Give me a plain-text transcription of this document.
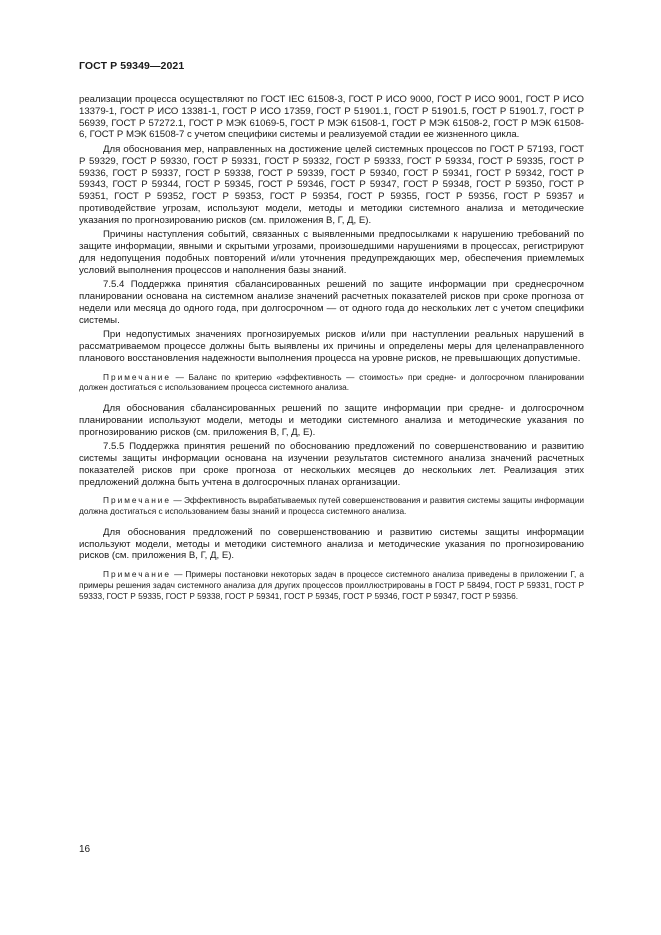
ГОСТ Р 59349—2021

реализации процесса осуществляют по ГОСТ IEC 61508-3, ГОСТ Р ИСО 9000, ГОСТ Р ИСО 9001, ГОСТ Р ИСО 13379-1, ГОСТ Р ИСО 13381-1, ГОСТ Р ИСО 17359, ГОСТ Р 51901.1, ГОСТ Р 51901.5, ГОСТ Р 51901.7, ГОСТ Р 56939, ГОСТ Р 57272.1, ГОСТ Р МЭК 61069-5, ГОСТ Р МЭК 61508-1, ГОСТ Р МЭК 61508-2, ГОСТ Р МЭК 61508-6, ГОСТ Р МЭК 61508-7 с учетом специфики системы и реализуемой стадии ее жизненного цикла.

Для обоснования мер, направленных на достижение целей системных процессов по ГОСТ Р 57193, ГОСТ Р 59329, ГОСТ Р 59330, ГОСТ Р 59331, ГОСТ Р 59332, ГОСТ Р 59333, ГОСТ Р 59334, ГОСТ Р 59335, ГОСТ Р 59336, ГОСТ Р 59337, ГОСТ Р 59338, ГОСТ Р 59339, ГОСТ Р 59340, ГОСТ Р 59341, ГОСТ Р 59342, ГОСТ Р 59343, ГОСТ Р 59344, ГОСТ Р 59345, ГОСТ Р 59346, ГОСТ Р 59347, ГОСТ Р 59348, ГОСТ Р 59350, ГОСТ Р 59351, ГОСТ Р 59352, ГОСТ Р 59353, ГОСТ Р 59354, ГОСТ Р 59355, ГОСТ Р 59356, ГОСТ Р 59357 и противодействие угрозам, используют модели, методы и методики системного анализа и методические указания по прогнозированию рисков (см. приложения В, Г, Д, Е).

Причины наступления событий, связанных с выявленными предпосылками к нарушению требований по защите информации, явными и скрытыми угрозами, произошедшими нарушениями в процессах, регистрируют для недопущения подобных повторений и/или уточнения предупреждающих мер, обеспечения приемлемых условий выполнения процессов и наполнения базы знаний.

7.5.4 Поддержка принятия сбалансированных решений по защите информации при среднесрочном планировании основана на системном анализе значений расчетных показателей рисков при сроке прогноза от недели или месяца до одного года, при долгосрочном — от одного года до нескольких лет с учетом специфики системы.

При недопустимых значениях прогнозируемых рисков и/или при наступлении реальных нарушений в рассматриваемом процессе должны быть выявлены их причины и определены меры для целенаправленного планового восстановления надежности выполнения процесса на уровне рисков, не превышающих допустимые.

Примечание — Баланс по критерию «эффективность — стоимость» при средне- и долгосрочном планировании должен достигаться с использованием процесса системного анализа.

Для обоснования сбалансированных решений по защите информации при средне- и долгосрочном планировании используют модели, методы и методики системного анализа и методические указания по прогнозированию рисков (см. приложения В, Г, Д, Е).

7.5.5 Поддержка принятия решений по обоснованию предложений по совершенствованию и развитию системы защиты информации основана на изучении результатов системного анализа значений расчетных показателей рисков при сроке прогноза от нескольких месяцев до нескольких лет. Реализация этих предложений должна быть учтена в долгосрочных планах организации.

Примечание — Эффективность вырабатываемых путей совершенствования и развития системы защиты информации должна достигаться с использованием базы знаний и процесса системного анализа.

Для обоснования предложений по совершенствованию и развитию системы защиты информации используют модели, методы и методики системного анализа и методические указания по прогнозированию рисков (см. приложения В, Г, Д, Е).

Примечание — Примеры постановки некоторых задач в процессе системного анализа приведены в приложении Г, а примеры решения задач системного анализа для других процессов проиллюстрированы в ГОСТ Р 58494, ГОСТ Р 59331, ГОСТ Р 59333, ГОСТ Р 59335, ГОСТ Р 59338, ГОСТ Р 59341, ГОСТ Р 59345, ГОСТ Р 59346, ГОСТ Р 59347, ГОСТ Р 59356.

16
